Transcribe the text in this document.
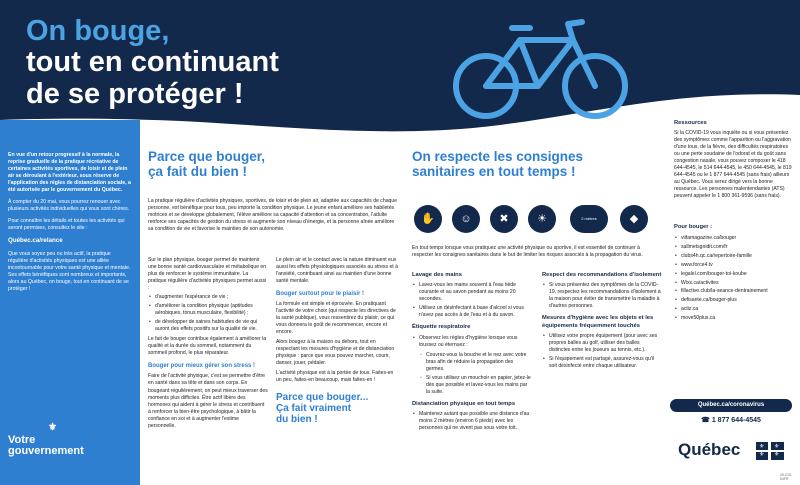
On bouge,
tout en continuant
de se protéger !

En vue d'un retour progressif à la normale, la reprise graduelle de la pratique récréative de certaines activités sportives, de loisir et de plein air se déroulant à l'extérieur, sous réserve de l'application des règles de distanciation sociale, a été autorisée par le gouvernement du Québec.

À compter du 20 mai, vous pourrez renouer avec plusieurs activités individuelles qui vous sont chères.

Pour connaître les détails et toutes les activités qui seront permises, consultez le site :

Québec.ca/relance

Que vous soyez peu ou très actif, la pratique régulière d'activités physiques est une alliée incontournable pour votre santé physique et mentale. Ses effets bénéfiques sont nombreux et importants, alors au Québec, on bouge, tout en continuant de se protéger !

⚜
Votre
gouvernement
Parce que bouger,
ça fait du bien !

La pratique régulière d'activités physiques, sportives, de loisir et de plein air, adaptée aux capacités de chaque personne, est bénéfique pour tous, peu importe la condition physique. Le jeune enfant améliore ses habiletés motrices et se développe globalement, l'élève améliore sa capacité d'attention et sa concentration, l'adulte renforce ses capacités de gestion du stress et augmente son niveau d'énergie, et la personne aînée améliore sa condition de vie et favorise le maintien de son autonomie.

Sur le plan physique, bouger permet de maintenir une bonne santé cardiovasculaire et métabolique en plus de renforcer le système immunitaire. La pratique régulière d'activités physiques permet aussi :

• d'augmenter l'espérance de vie ;
• d'améliorer la condition physique (aptitudes aérobiques, tonus musculaire, flexibilité) ;
• de développer de saines habitudes de vie qui auront des effets positifs sur la qualité de vie.

Le fait de bouger contribue également à améliorer la qualité et la durée du sommeil, notamment du sommeil profond, le plus réparateur.

Bouger pour mieux gérer son stress !

Faire de l'activité physique, c'est se permettre d'être en santé dans sa tête et dans son corps. En bougeant régulièrement, on peut mieux traverser des moments plus difficiles. Être actif libère des hormones qui aident à gérer le stress et contribuent à renforcer la bien-être psychologique, à bâtir la confiance en soi et à augmenter l'estime personnelle.

Le plein air et le contact avec la nature diminuent eux aussi les effets physiologiques associés au stress et à l'anxiété, contribuant ainsi au maintien d'une bonne santé mentale.

Bouger surtout pour le plaisir !

La formule est simple et éprouvée. En pratiquant l'activité de votre choix (qui respecte les directives de la santé publique), vous ressentirez du plaisir, ce qui vous donnera le goût de recommencer, encore et encore.

Alors bougez à la maison ou dehors, tout en respectant les mesures d'hygiène et de distanciation physique : parce que vous pouvez marcher, courir, danser, jouer, pédaler.

L'activité physique est à la portée de tous. Faites-en un peu, faites-en beaucoup, mais faites-en !

Parce que bouger...
Ça fait vraiment
du bien !
On respecte les consignes
sanitaires en tout temps !
✋	☺	✖	☀	2 mètres	◆

En tout temps lorsque vous pratiquez une activité physique ou sportive, il est essentiel de continuer à respecter les consignes sanitaires dans le but de limiter les risques associés à la propagation du virus.

Lavage des mains
• Lavez-vous les mains souvent à l'eau tiède courante et au savon pendant au moins 20 secondes.
• Utilisez un désinfectant à base d'alcool si vous n'avez pas accès à de l'eau et à du savon.
Étiquette respiratoire
• Observez les règles d'hygiène lorsque vous toussez ou éternuez :
◦ Couvrez-vous la bouche et le nez avec votre bras afin de réduire la propagation des germes.
◦ Si vous utilisez un mouchoir en papier, jetez-le dès que possible et lavez-vous les mains par la suite.
Distanciation physique en tout temps
• Maintenez autant que possible une distance d'au moins 2 mètres (environ 6 pieds) avec les personnes qui ne vivent pas sous votre toit.
Respect des recommandations d'isolement
• Si vous présentez des symptômes de la COVID-19, respectez les recommandations d'isolement à la maison pour éviter de transmettre la maladie à d'autres personnes.
Mesures d'hygiène avec les objets et les équipements fréquemment touchés
• Utilisez votre propre équipement (pour avec ses propres balles au golf, utiliser des balles distinctes entre les joueurs au tennis, etc.).
• Si l'équipement est partagé, assurez-vous qu'il soit désinfecté entre chaque utilisateur.
Ressources

Si la COVID-19 vous inquiète ou si vous présentez des symptômes comme l'apparition ou l'aggravation d'une toux, de la fièvre, des difficultés respiratoires ou une perte soudaine de l'odorat et du goût sans congestion nasale, vous pouvez composer le 418 644-4545, le 514 644-4545, le 450 644-4545, le 819 644-4545 ou le 1 877 644-4545 (sans frais) ailleurs au Québec. Vous serez dirigé vers la bonne ressource. Les personnes malentendantes (ATS) peuvent appeler le 1 800 361-9596 (sans frais).

Pour bouger :
• viifamagazine.ca/bouger
• sallmetsgnidit.com/fr
• clubs4h.qc.ca/repertoire-famille
• www.force4.tv
• legalel.com/bouger-toi-koube
• Wixx.ca/activites
• fillactive.club/la-seance-dentrainement
• defisante.ca/bouger-plus
• actiz.ca
• move50plus.ca
Québec.ca/coronavirus
☎ 1 877 644-4545
Québec	⚜ ⚜
⚜ ⚜
20-210-54FR
